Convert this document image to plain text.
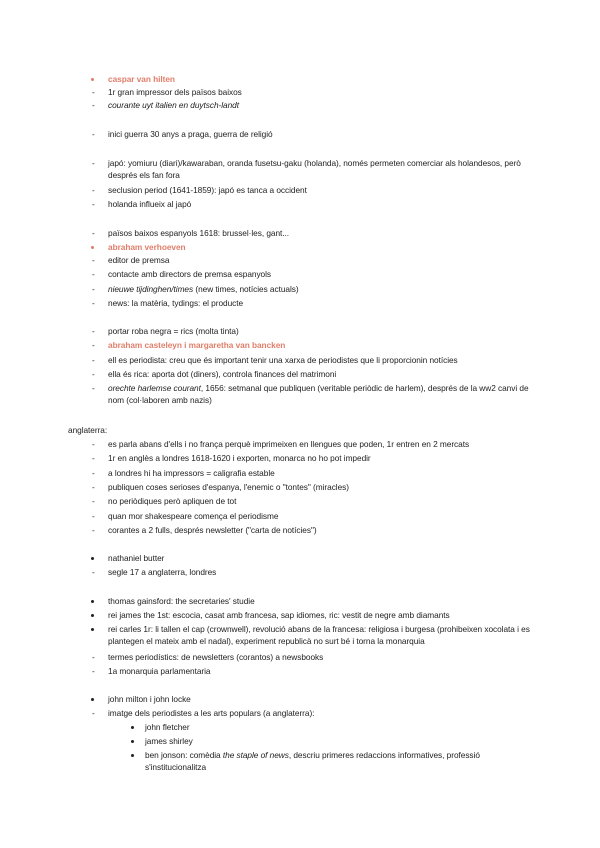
caspar van hilten
- 1r gran impressor dels països baixos
- courante uyt italien en duytsch-landt
- inici guerra 30 anys a praga, guerra de religió
- japó: yomiuru (diari)/kawaraban, oranda fusetsu-gaku (holanda), només permeten comerciar als holandesos, però després els fan fora
- seclusion period (1641-1859): japó es tanca a occident
- holanda influeix al japó
- països baixos espanyols 1618: brussel·les, gant...
abraham verhoeven
- editor de premsa
- contacte amb directors de premsa espanyols
- nieuwe tijdinghen/times (new times, notícies actuals)
- news: la matèria, tydings: el producte
- portar roba negra = rics (molta tinta)
- abraham casteleyn i margaretha van bancken
- ell es periodista: creu que és important tenir una xarxa de periodistes que li proporcionin notícies
- ella és rica: aporta dot (diners), controla finances del matrimoni
- orechte harlemse courant, 1656: setmanal que publiquen (veritable periòdic de harlem), després de la ww2 canvi de nom (col·laboren amb nazis)
anglaterra:
- es parla abans d'ells i no frança perquè imprimeixen en llengues que poden, 1r entren en 2 mercats
- 1r en anglès a londres 1618-1620 i exporten, monarca no ho pot impedir
- a londres hi ha impressors = caligrafia estable
- publiquen coses serioses d'espanya, l'enemic o "tontes" (miracles)
- no periòdiques però apliquen de tot
- quan mor shakespeare comença el periodisme
- corantes a 2 fulls, després newsletter ("carta de notícies")
nathaniel butter
- segle 17 a anglaterra, londres
thomas gainsford: the secretaries' studie
rei james the 1st: escocia, casat amb francesa, sap idiomes, ric: vestit de negre amb diamants
rei carles 1r: li tallen el cap (crownwell), revolució abans de la francesa: religiosa i burgesa (prohibeixen xocolata i es plantegen el mateix amb el nadal), experiment republicà no surt bé i torna la monarquia
- termes periodístics: de newsletters (corantos) a newsbooks
- 1a monarquia parlamentaria
john milton i john locke
- imatge dels periodistes a les arts populars (a anglaterra):
john fletcher
james shirley
ben jonson: comèdia the staple of news, descriu primeres redaccions informatives, professió s'institucionalitza
